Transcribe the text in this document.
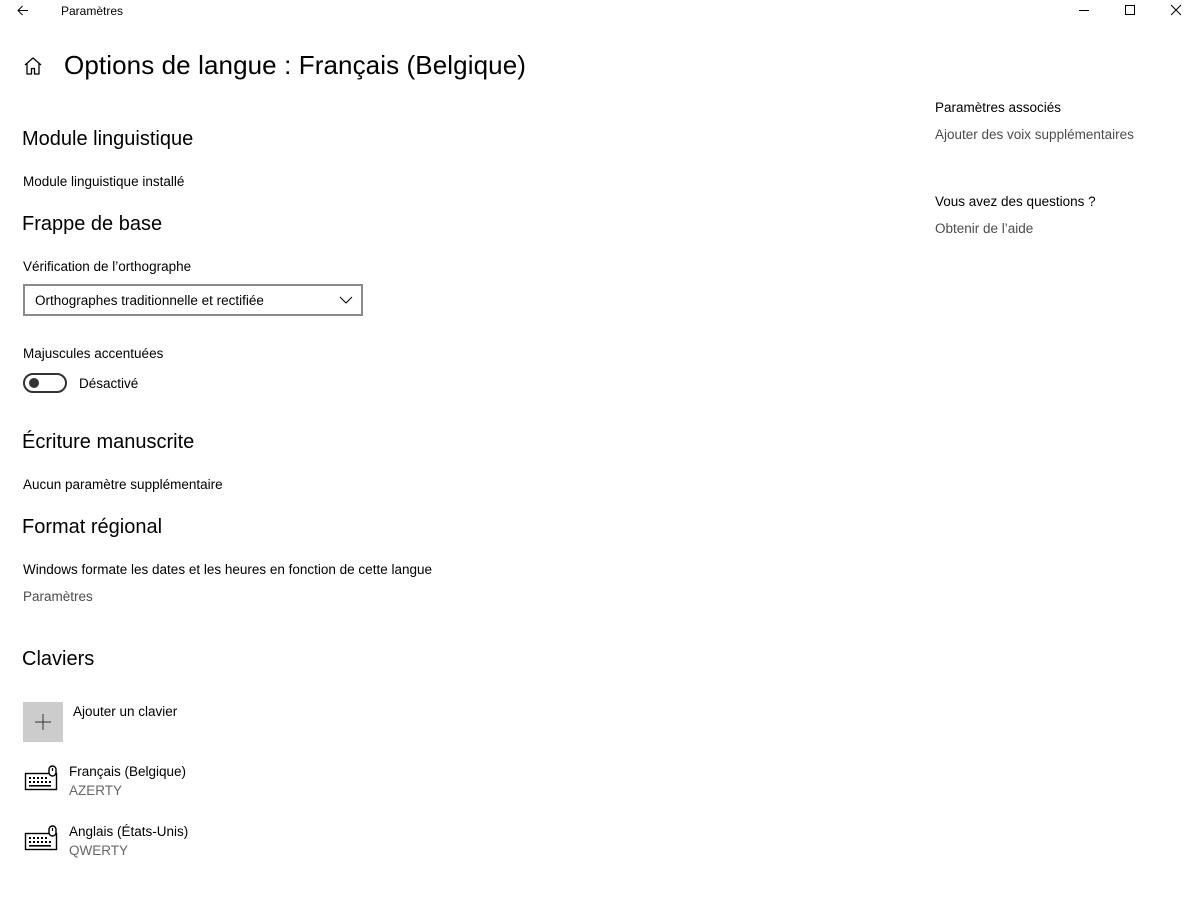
Paramètres
Options de langue : Français (Belgique)
Module linguistique
Module linguistique installé
Frappe de base
Vérification de l’orthographe
Orthographes traditionnelle et rectifiée
Majuscules accentuées
Désactivé
Écriture manuscrite
Aucun paramètre supplémentaire
Format régional
Windows formate les dates et les heures en fonction de cette langue
Paramètres
Claviers
Ajouter un clavier
Français (Belgique)
AZERTY
Anglais (États-Unis)
QWERTY
Paramètres associés
Ajouter des voix supplémentaires
Vous avez des questions ?
Obtenir de l’aide
